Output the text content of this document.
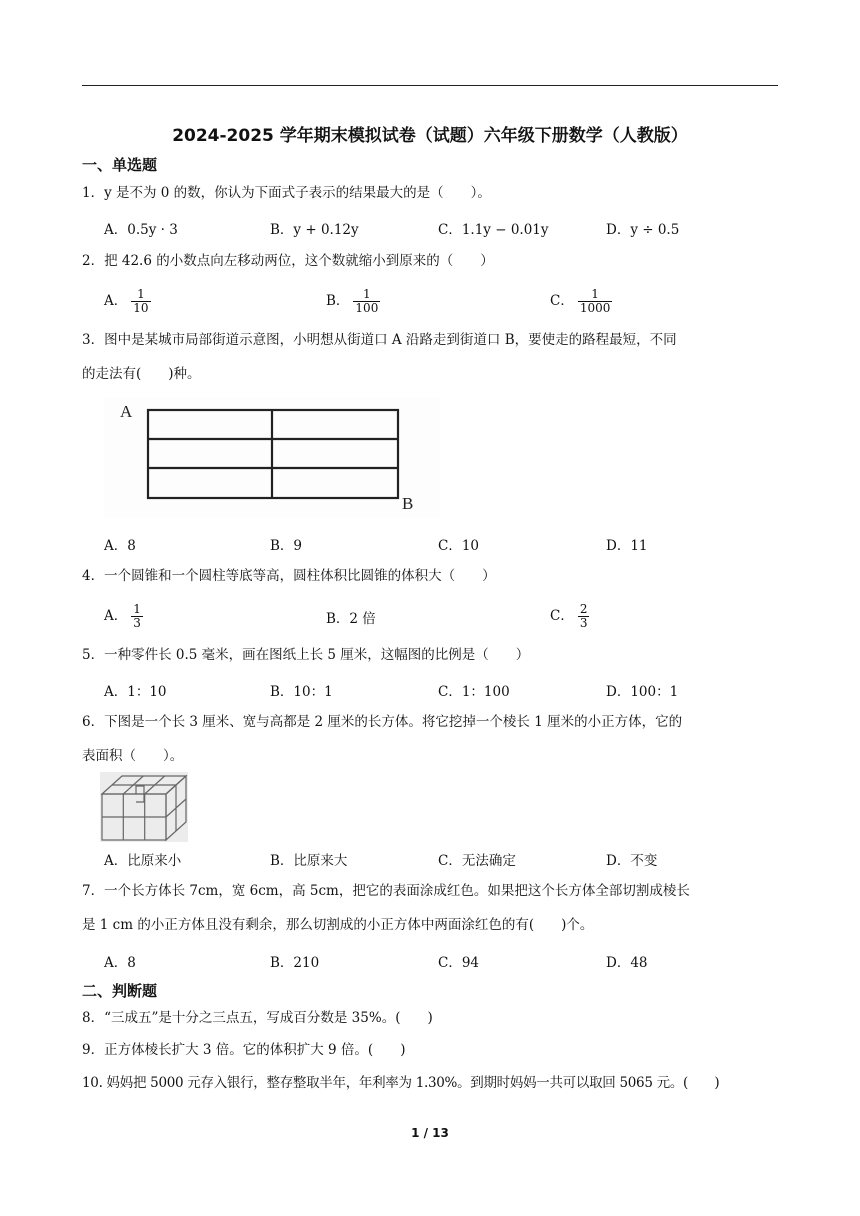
2024-2025 学年期末模拟试卷（试题）六年级下册数学（人教版）
一、单选题
1．y 是不为 0 的数，你认为下面式子表示的结果最大的是（　　）。
A．0.5y · 3	B．y + 0.12y	C．1.1y − 0.01y	D．y ÷ 0.5
2．把 42.6 的小数点向左移动两位，这个数就缩小到原来的（　　）
A． $\frac{1}{10}$	B． $\frac{1}{100}$	C． $\frac{1}{1000}$
3．图中是某城市局部街道示意图，小明想从街道口 A 沿路走到街道口 B，要使走的路程最短，不同
的走法有(　　)种。
A
B
A．8	B．9	C．10	D．11
4．一个圆锥和一个圆柱等底等高，圆柱体积比圆锥的体积大（　　）
A． $\frac{1}{3}$	B．2 倍	C． $\frac{2}{3}$
5．一种零件长 0.5 毫米，画在图纸上长 5 厘米，这幅图的比例是（　　）
A．1：10	B．10：1	C．1：100	D．100：1
6．下图是一个长 3 厘米、宽与高都是 2 厘米的长方体。将它挖掉一个棱长 1 厘米的小正方体，它的
表面积（　　）。
A．比原来小	B．比原来大	C．无法确定	D．不变
7．一个长方体长 7cm，宽 6cm，高 5cm，把它的表面涂成红色。如果把这个长方体全部切割成棱长
是 1 cm 的小正方体且没有剩余，那么切割成的小正方体中两面涂红色的有(　　)个。
A．8	B．210	C．94	D．48
二、判断题
8．“三成五”是十分之三点五，写成百分数是 35%。(　　)
9．正方体棱长扩大 3 倍。它的体积扩大 9 倍。(　　)
10. 妈妈把 5000 元存入银行，整存整取半年，年利率为 1.30%。到期时妈妈一共可以取回 5065 元。(　　)
1 / 13
